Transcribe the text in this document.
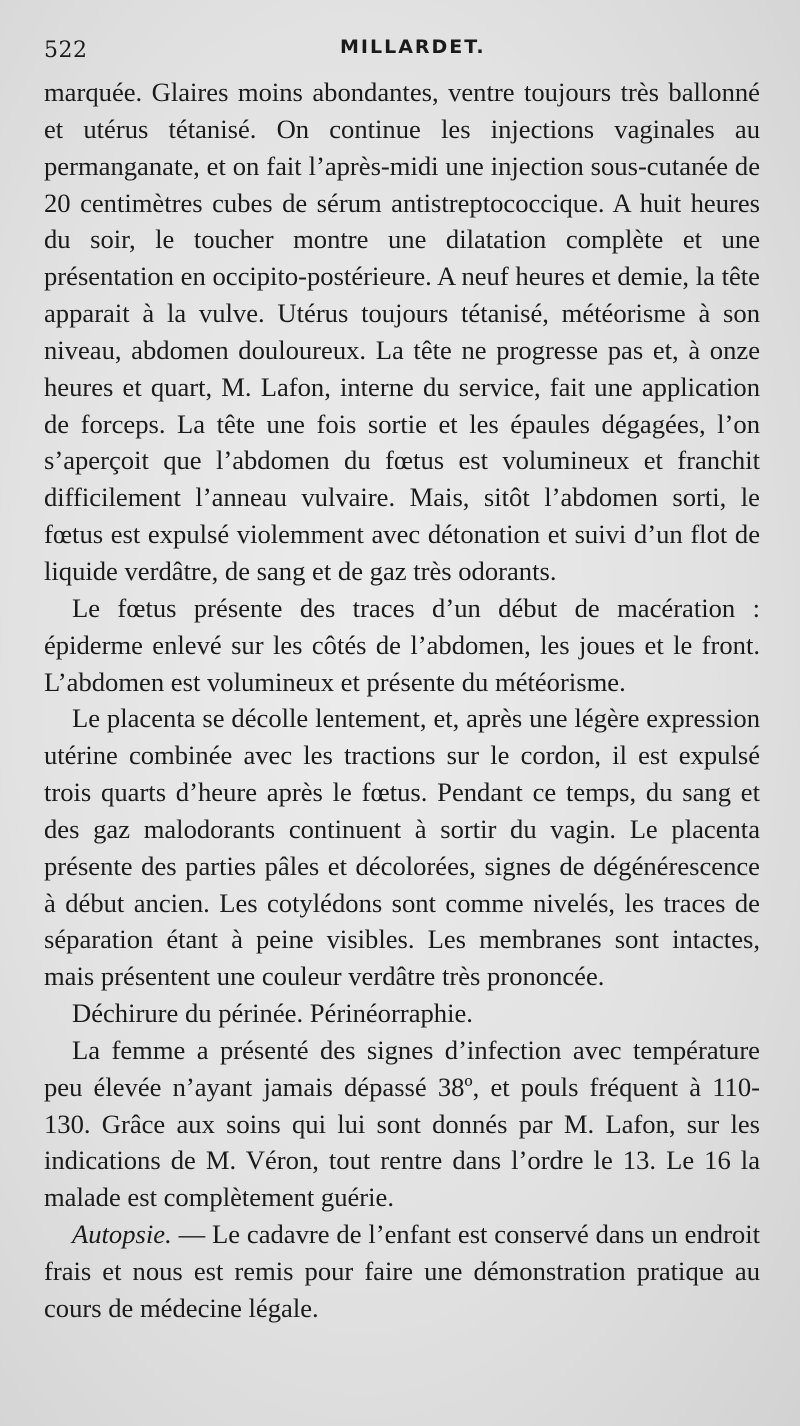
522	MILLARDET.

marquée. Glaires moins abondantes, ventre toujours très ballonné et utérus tétanisé. On continue les injections vaginales au permanganate, et on fait l’après-midi une injection sous-cutanée de 20 centimètres cubes de sérum antistreptococcique. A huit heures du soir, le toucher montre une dilatation complète et une présentation en occipito-postérieure. A neuf heures et demie, la tête apparait à la vulve. Utérus toujours tétanisé, météorisme à son niveau, abdomen douloureux. La tête ne progresse pas et, à onze heures et quart, M. Lafon, interne du service, fait une application de forceps. La tête une fois sortie et les épaules dégagées, l’on s’aperçoit que l’abdomen du fœtus est volumineux et franchit difficilement l’anneau vulvaire. Mais, sitôt l’abdomen sorti, le fœtus est expulsé violemment avec détonation et suivi d’un flot de liquide verdâtre, de sang et de gaz très odorants.

Le fœtus présente des traces d’un début de macération : épiderme enlevé sur les côtés de l’abdomen, les joues et le front. L’abdomen est volumineux et présente du météorisme.

Le placenta se décolle lentement, et, après une légère expression utérine combinée avec les tractions sur le cordon, il est expulsé trois quarts d’heure après le fœtus. Pendant ce temps, du sang et des gaz malodorants continuent à sortir du vagin. Le placenta présente des parties pâles et décolorées, signes de dégénérescence à début ancien. Les cotylédons sont comme nivelés, les traces de séparation étant à peine visibles. Les membranes sont intactes, mais présentent une couleur verdâtre très prononcée.

Déchirure du périnée. Périnéorraphie.

La femme a présenté des signes d’infection avec température peu élevée n’ayant jamais dépassé 38º, et pouls fréquent à 110-130. Grâce aux soins qui lui sont donnés par M. Lafon, sur les indications de M. Véron, tout rentre dans l’ordre le 13. Le 16 la malade est complètement guérie.

Autopsie. — Le cadavre de l’enfant est conservé dans un endroit frais et nous est remis pour faire une démonstration pratique au cours de médecine légale.
